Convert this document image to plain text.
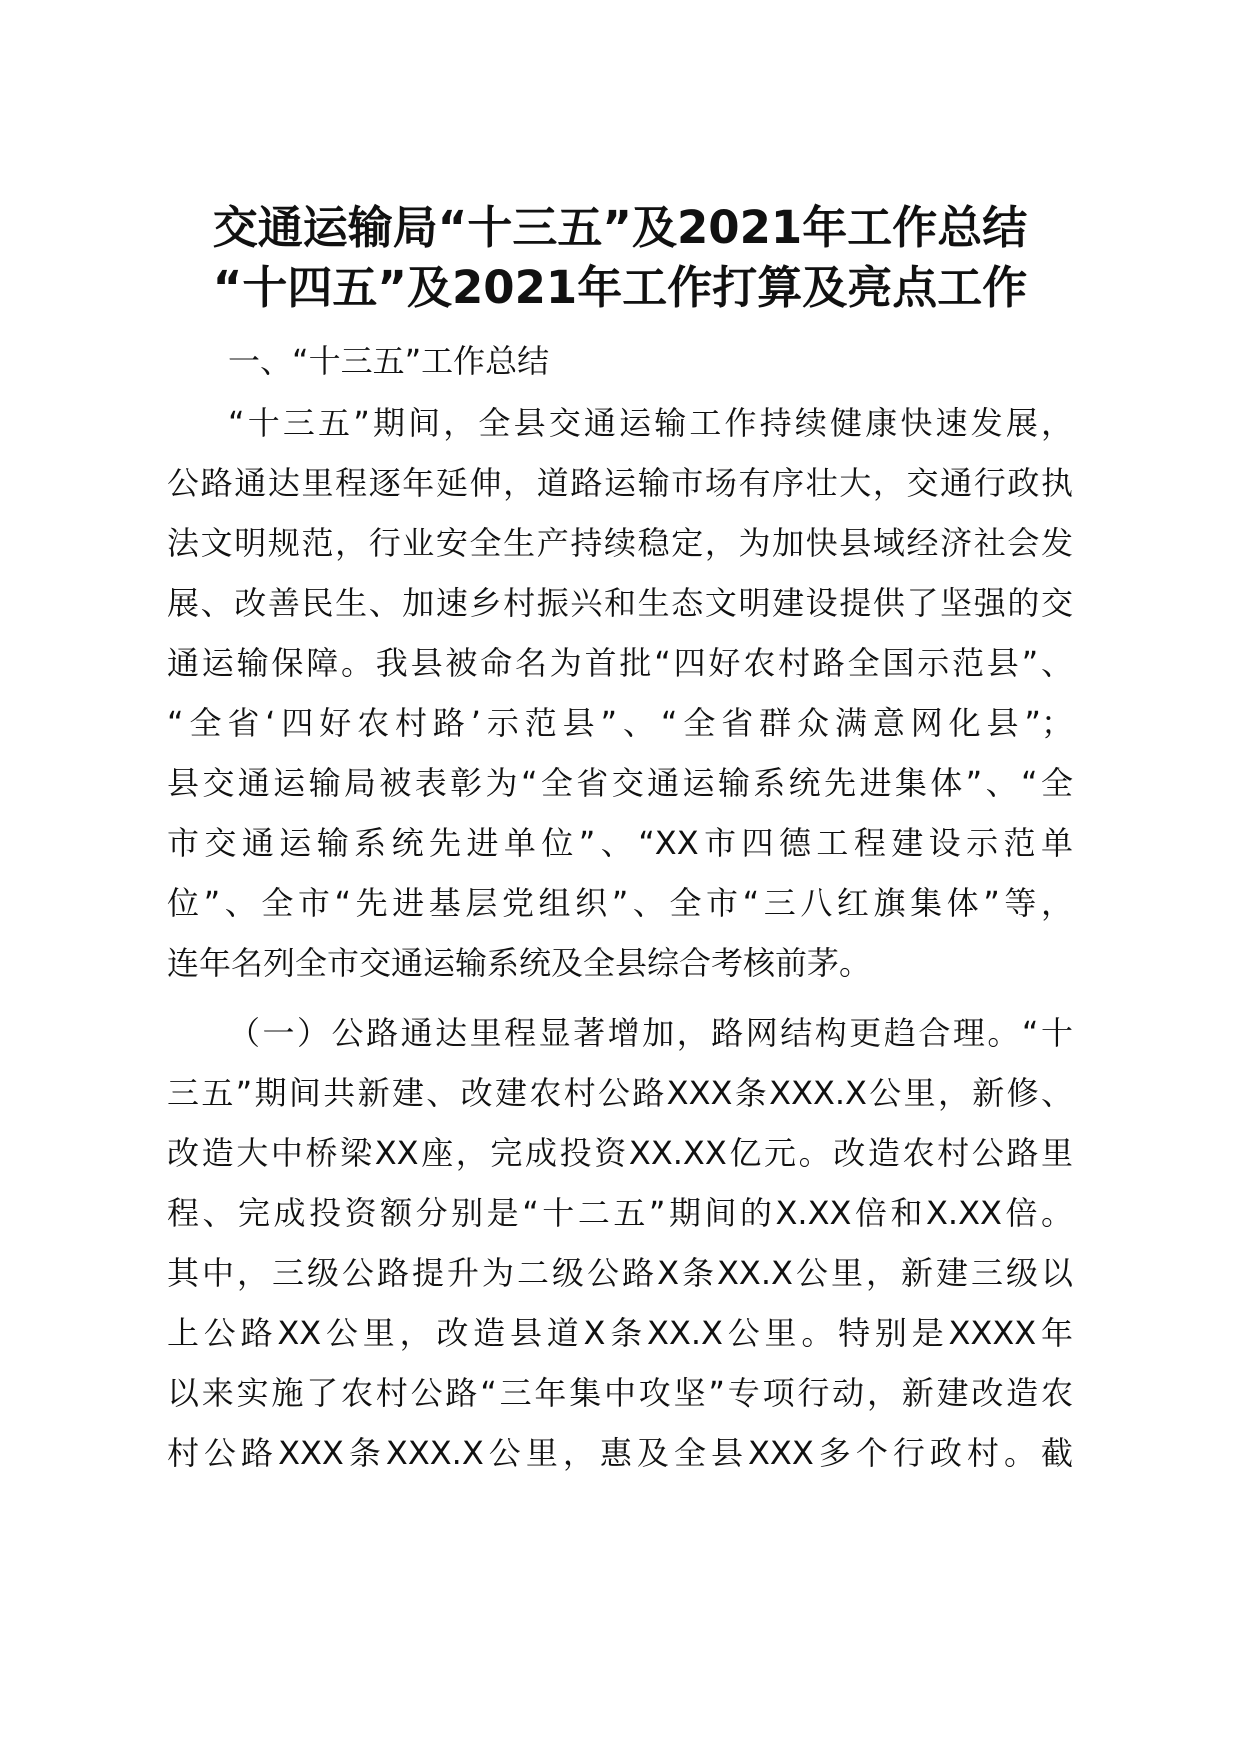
交通运输局“十三五”及2021年工作总结
“十四五”及2021年工作打算及亮点工作
一、“十三五”工作总结
“十三五”期间，全县交通运输工作持续健康快速发展，
公路通达里程逐年延伸，道路运输市场有序壮大，交通行政执
法文明规范，行业安全生产持续稳定，为加快县域经济社会发
展、改善民生、加速乡村振兴和生态文明建设提供了坚强的交
通运输保障。我县被命名为首批“四好农村路全国示范县”、
“全省‘四好农村路’示范县”、“全省群众满意网化县”；
县交通运输局被表彰为“全省交通运输系统先进集体”、“全
市交通运输系统先进单位”、“XX市四德工程建设示范单
位”、全市“先进基层党组织”、全市“三八红旗集体”等，
连年名列全市交通运输系统及全县综合考核前茅。
（一）公路通达里程显著增加，路网结构更趋合理。“十
三五”期间共新建、改建农村公路XXX条XXX.X公里，新修、
改造大中桥梁XX座，完成投资XX.XX亿元。改造农村公路里
程、完成投资额分别是“十二五”期间的X.XX倍和X.XX倍。
其中，三级公路提升为二级公路X条XX.X公里，新建三级以
上公路XX公里，改造县道X条XX.X公里。特别是XXXX年
以来实施了农村公路“三年集中攻坚”专项行动，新建改造农
村公路XXX条XXX.X公里，惠及全县XXX多个行政村。截
